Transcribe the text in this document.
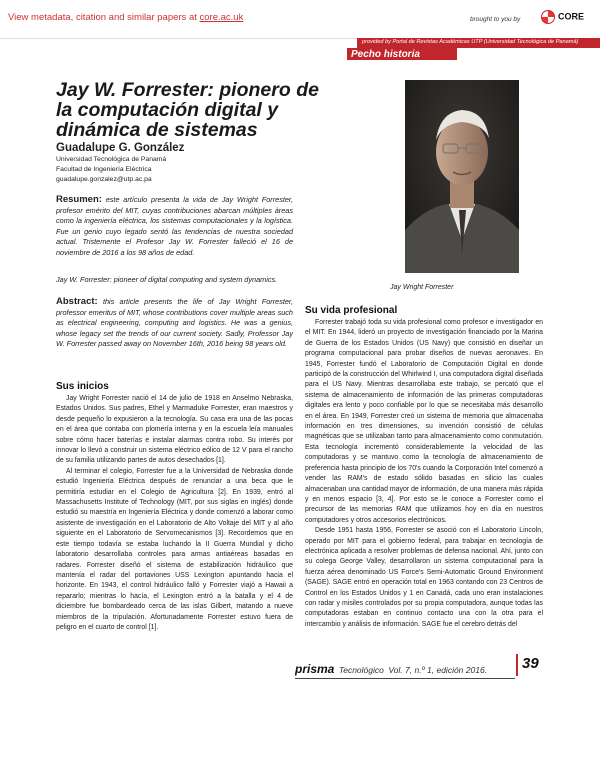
View metadata, citation and similar papers at core.ac.uk	brought to you by	CORE
provided by Portal de Revistas Académicas UTP (Universidad Tecnológica de Panamá)
$^{Pecho historia}$
Jay W. Forrester: pionero de la computación digital y dinámica de sistemas
Guadalupe G. González
Universidad Tecnológica de Panamá
Facultad de Ingeniería Eléctrica
guadalupe.gonzalez@utp.ac.pa
Resumen: este artículo presenta la vida de Jay Wright Forrester, profesor emérito del MIT, cuyas contribuciones abarcan múltiples áreas como la ingeniería eléctrica, los sistemas computacionales y la logística. Fue un genio cuyo legado sentó las tendencias de nuestra sociedad actual. Tristemente el Profesor Jay W. Forrester falleció el 16 de noviembre de 2016 a los 98 años de edad.
Jay W. Forrester: pioneer of digital computing and system dynamics.
Abstract: this article presents the life of Jay Wright Forrester, professor emeritus of MIT, whose contributions cover multiple areas such as electrical engineering, computing and logistics. He was a genius, whose legacy set the trends of our current society. Sadly, Professor Jay W. Forrester passed away on November 16th, 2016 being 98 years old.
Jay Wright Forrester
Sus inicios

Jay Wright Forrester nació el 14 de julio de 1918 en Anselmo Nebraska, Estados Unidos. Sus padres, Ethel y Marmaduke Forrester, eran maestros y desde pequeño lo expusieron a la tecnología. Su casa era una de las pocas en el área que contaba con plomería interna y en la escuela leía manuales sobre cómo hacer baterías e instalar alarmas contra robo. Su interés por innovar lo llevó a construir un sistema eléctrico eólico de 12 V para el rancho de su familia utilizando partes de autos desechados [1].

Al terminar el colegio, Forrester fue a la Universidad de Nebraska donde estudió Ingeniería Eléctrica después de renunciar a una beca que le permitiría estudiar en el Colegio de Agricultura [2]. En 1939, entró al Massachusetts Institute of Technology (MIT, por sus siglas en inglés) donde estudió su maestría en Ingeniería Eléctrica y donde comenzó a laborar como asistente de investigación en el Laboratorio de Alto Voltaje del MIT y al año siguiente en el Laboratorio de Servomecanismos [3]. Recordemos que en este tiempo todavía se estaba luchando la II Guerra Mundial y dicho laboratorio desarrollaba controles para armas antiaéreas basadas en radares. Forrester diseñó el sistema de estabilización hidráulico que mantenía el radar del portaviones USS Lexington apuntando hacia el horizonte. En 1943, el control hidráulico falló y Forrester viajó a Hawaii a repararlo; mientras lo hacía, el Lexington entró a la batalla y el 4 de diciembre fue bombardeado cerca de las islas Gilbert, matando a nueve miembros de la tripulación. Afortunadamente Forrester estuvo fuera de peligro en el cuarto de control [1].

Su vida profesional

Forrester trabajó toda su vida profesional como profesor e investigador en el MIT. En 1944, lideró un proyecto de investigación financiado por la Marina de Guerra de los Estados Unidos (US Navy) que consistió en diseñar un programa computacional para probar diseños de nuevas aeronaves. En 1945, Forrester fundó el Laboratorio de Computación Digital en donde participó de la construcción del Whirlwind I, una computadora digital diseñada para el US Navy. Mientras desarrollaba este trabajo, se percató que el sistema de almacenamiento de información de las primeras computadoras digitales era lento y poco confiable por lo que se necesitaba más desarrollo en el área. En 1949, Forrester creó un sistema de memoria que almacenaba información en tres dimensiones, su invención consistió de células magnéticas que se utilizaban tanto para almacenamiento como conmutación. Esta tecnología incrementó considerablemente la velocidad de las computadoras y se mantuvo como la tecnología de almacenamiento de preferencia hasta principio de los 70's cuando la Corporación Intel comenzó a vender las RAM's de estado sólido basadas en silicio las cuales almacenaban una cantidad mayor de información, de una manera más rápida y en menos espacio [3, 4]. Por esto se le conoce a Forrester como el precursor de las memorias RAM que utilizamos hoy en día en nuestros computadores y otros accesorios electrónicos.

Desde 1951 hasta 1956, Forrester se asoció con el Laboratorio Lincoln, operado por MIT para el gobierno federal, para trabajar en tecnología de electrónica aplicada a resolver problemas de defensa nacional. Ahí, junto con su colega George Valley, desarrollaron un sistema computacional para la fuerza aérea denominado US Force's Semi-Automatic Ground Environment (SAGE). SAGE entró en operación total en 1963 contando con 23 Centros de Control en los Estados Unidos y 1 en Canadá, cada uno eran instalaciones con radar y misiles controlados por su propia computadora, aunque todas las computadoras estaban en continuo contacto una con la otra para el intercambio y análisis de información. SAGE fue el cerebro detrás del

prisma Tecnológico Vol. 7, n.º 1, edición 2016.	39
